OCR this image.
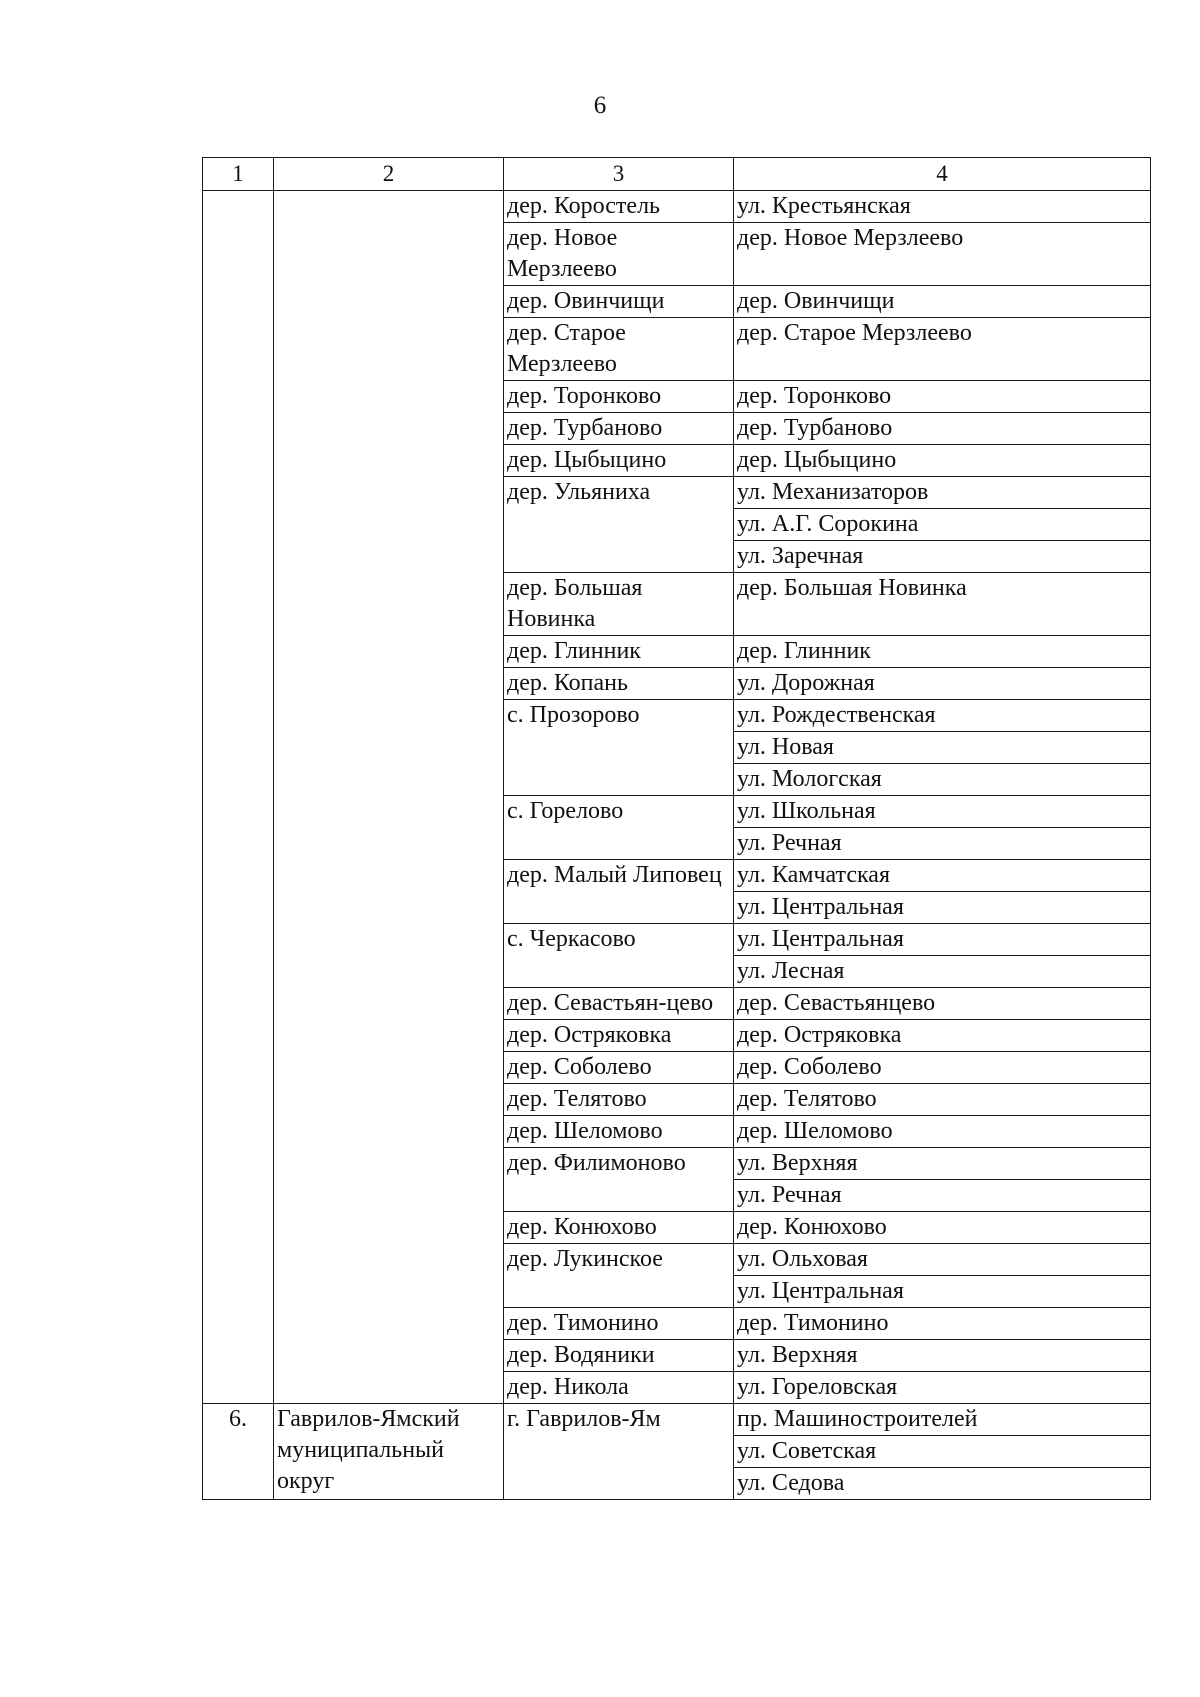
6
1	2	3	4
		дер. Коростель	ул. Крестьянская
		дер. Новое Мерзлеево	дер. Новое Мерзлеево
		дер. Овинчищи	дер. Овинчищи
		дер. Старое Мерзлеево	дер. Старое Мерзлеево
		дер. Торонково	дер. Торонково
		дер. Турбаново	дер. Турбаново
		дер. Цыбыцино	дер. Цыбыцино
		дер. Ульяниха	ул. Механизаторов
			ул. А.Г. Сорокина
			ул. Заречная
		дер. Большая Новинка	дер. Большая Новинка
		дер. Глинник	дер. Глинник
		дер. Копань	ул. Дорожная
		с. Прозорово	ул. Рождественская
			ул. Новая
			ул. Мологская
		с. Горелово	ул. Школьная
			ул. Речная
		дер. Малый Липовец	ул. Камчатская
			ул. Центральная
		с. Черкасово	ул. Центральная
			ул. Лесная
		дер. Севастьян-цево	дер. Севастьянцево
		дер. Остряковка	дер. Остряковка
		дер. Соболево	дер. Соболево
		дер. Телятово	дер. Телятово
		дер. Шеломово	дер. Шеломово
		дер. Филимоново	ул. Верхняя
			ул. Речная
		дер. Конюхово	дер. Конюхово
		дер. Лукинское	ул. Ольховая
			ул. Центральная
		дер. Тимонино	дер. Тимонино
		дер. Водяники	ул. Верхняя
		дер. Никола	ул. Гореловская
6.	Гаврилов-Ямский муниципальный округ	г. Гаврилов-Ям	пр. Машиностроителей
			ул. Советская
			ул. Седова
